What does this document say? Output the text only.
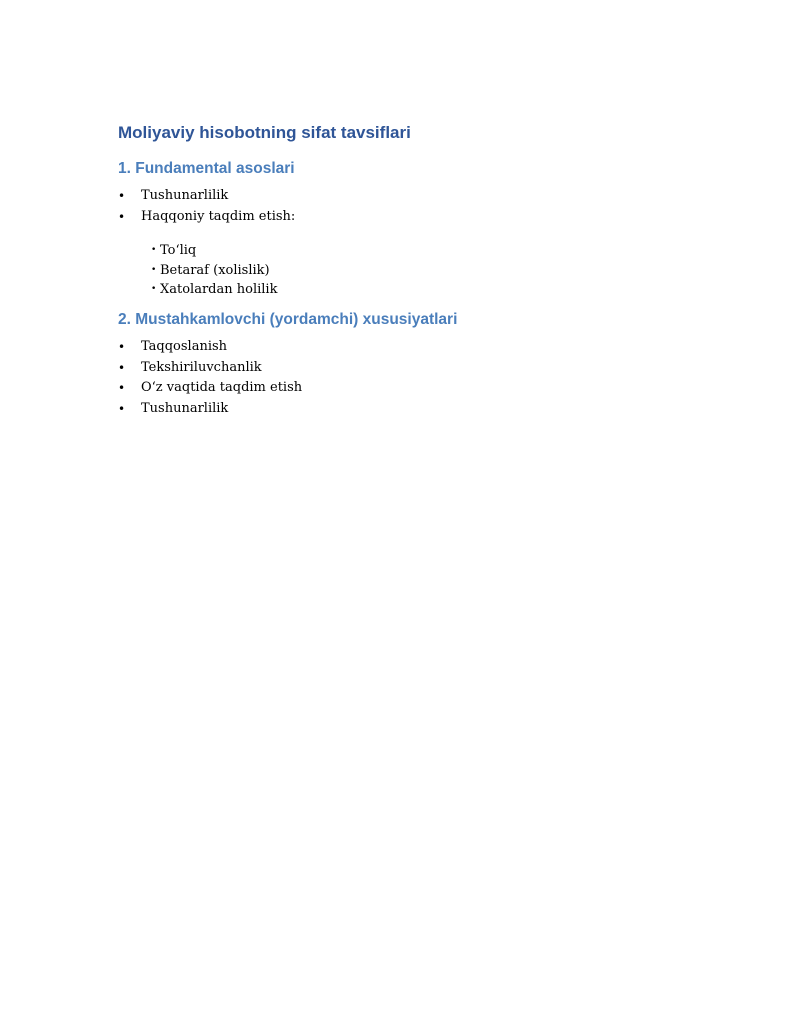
Moliyaviy hisobotning sifat tavsiflari
1. Fundamental asoslari
• Tushunarlilik
• Haqqoniy taqdim etish:
• To‘liq
• Betaraf (xolislik)
• Xatolardan holilik
2. Mustahkamlovchi (yordamchi) xususiyatlari
• Taqqoslanish
• Tekshiriluvchanlik
• O‘z vaqtida taqdim etish
• Tushunarlilik
